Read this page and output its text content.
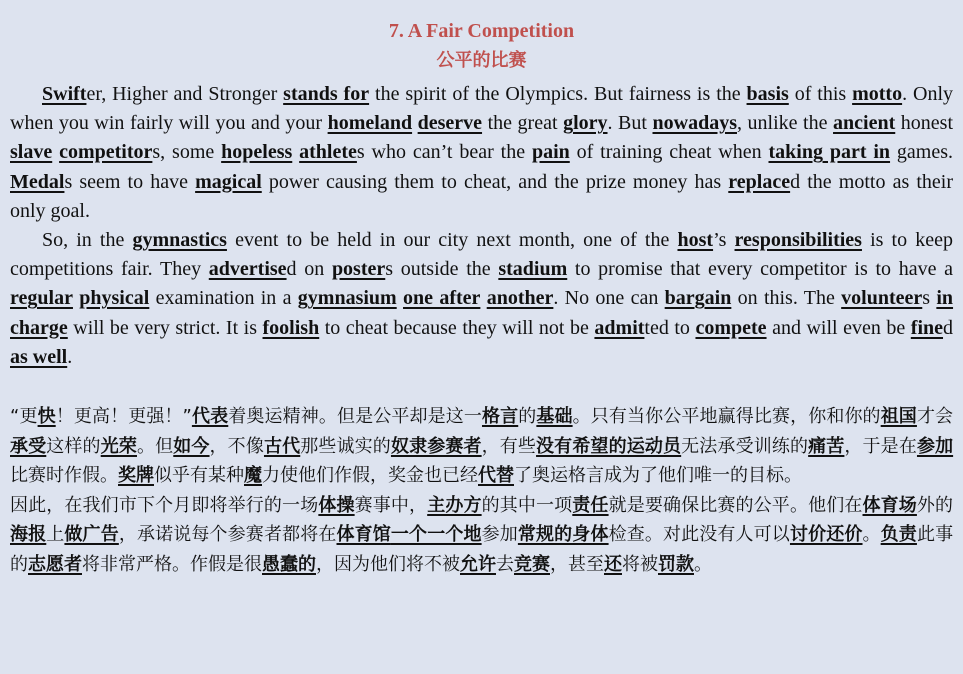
7. A Fair Competition
公平的比赛

Swifter, Higher and Stronger stands for the spirit of the Olympics. But fairness is the basis of this motto. Only when you win fairly will you and your homeland deserve the great glory. But nowadays, unlike the ancient honest slave competitors, some hopeless athletes who can’t bear the pain of training cheat when taking part in games. Medals seem to have magical power causing them to cheat, and the prize money has replaced the motto as their only goal.

So, in the gymnastics event to be held in our city next month, one of the host’s responsibilities is to keep competitions fair. They advertised on posters outside the stadium to promise that every competitor is to have a regular physical examination in a gymnasium one after another. No one can bargain on this. The volunteers in charge will be very strict. It is foolish to cheat because they will not be admitted to compete and will even be fined as well.

“更快！更高！更强！”代表着奥运精神。但是公平却是这一格言的基础。只有当你公平地赢得比赛，你和你的祖国才会承受这样的光荣。但如今，不像古代那些诚实的奴隶参赛者，有些没有希望的运动员无法承受训练的痛苦，于是在参加比赛时作假。奖牌似乎有某种魔力使他们作假，奖金也已经代替了奥运格言成为了他们唯一的目标。

因此，在我们市下个月即将举行的一场体操赛事中，主办方的其中一项责任就是要确保比赛的公平。他们在体育场外的海报上做广告，承诺说每个参赛者都将在体育馆一个一个地参加常规的身体检查。对此没有人可以讨价还价。负责此事的志愿者将非常严格。作假是很愚蠢的，因为他们将不被允许去竞赛，甚至还将被罚款。
